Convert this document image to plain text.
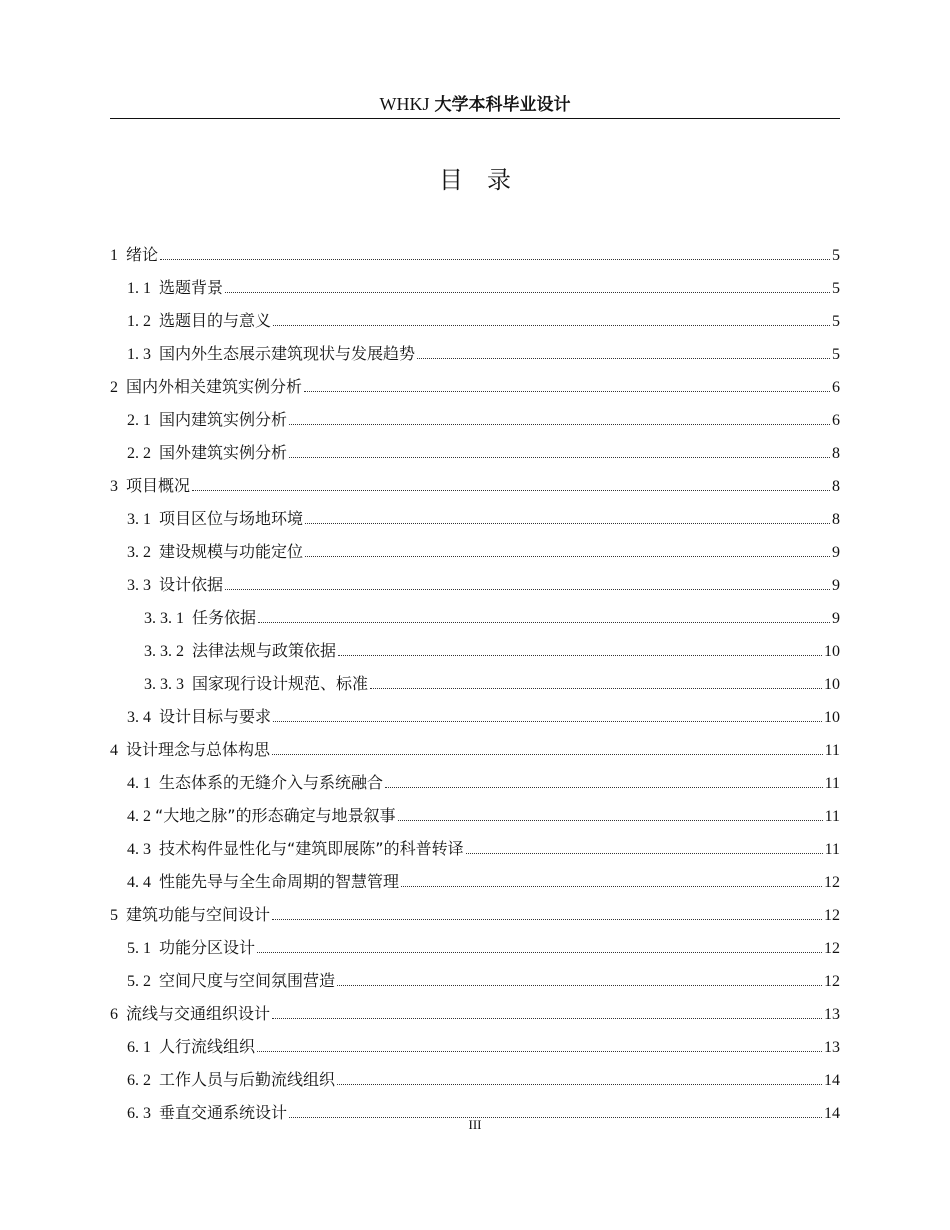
WHKJ 大学本科毕业设计
目　录
1 绪论	5
1. 1 选题背景	5
1. 2 选题目的与意义	5
1. 3 国内外生态展示建筑现状与发展趋势	5
2 国内外相关建筑实例分析	6
2. 1 国内建筑实例分析	6
2. 2 国外建筑实例分析	8
3 项目概况	8
3. 1 项目区位与场地环境	8
3. 2 建设规模与功能定位	9
3. 3 设计依据	9
3. 3. 1 任务依据	9
3. 3. 2 法律法规与政策依据	10
3. 3. 3 国家现行设计规范、标准	10
3. 4 设计目标与要求	10
4 设计理念与总体构思	11
4. 1 生态体系的无缝介入与系统融合	11
4. 2 “大地之脉”的形态确定与地景叙事	11
4. 3 技术构件显性化与“建筑即展陈”的科普转译	11
4. 4 性能先导与全生命周期的智慧管理	12
5 建筑功能与空间设计	12
5. 1 功能分区设计	12
5. 2 空间尺度与空间氛围营造	12
6 流线与交通组织设计	13
6. 1 人行流线组织	13
6. 2 工作人员与后勤流线组织	14
6. 3 垂直交通系统设计	14
III
